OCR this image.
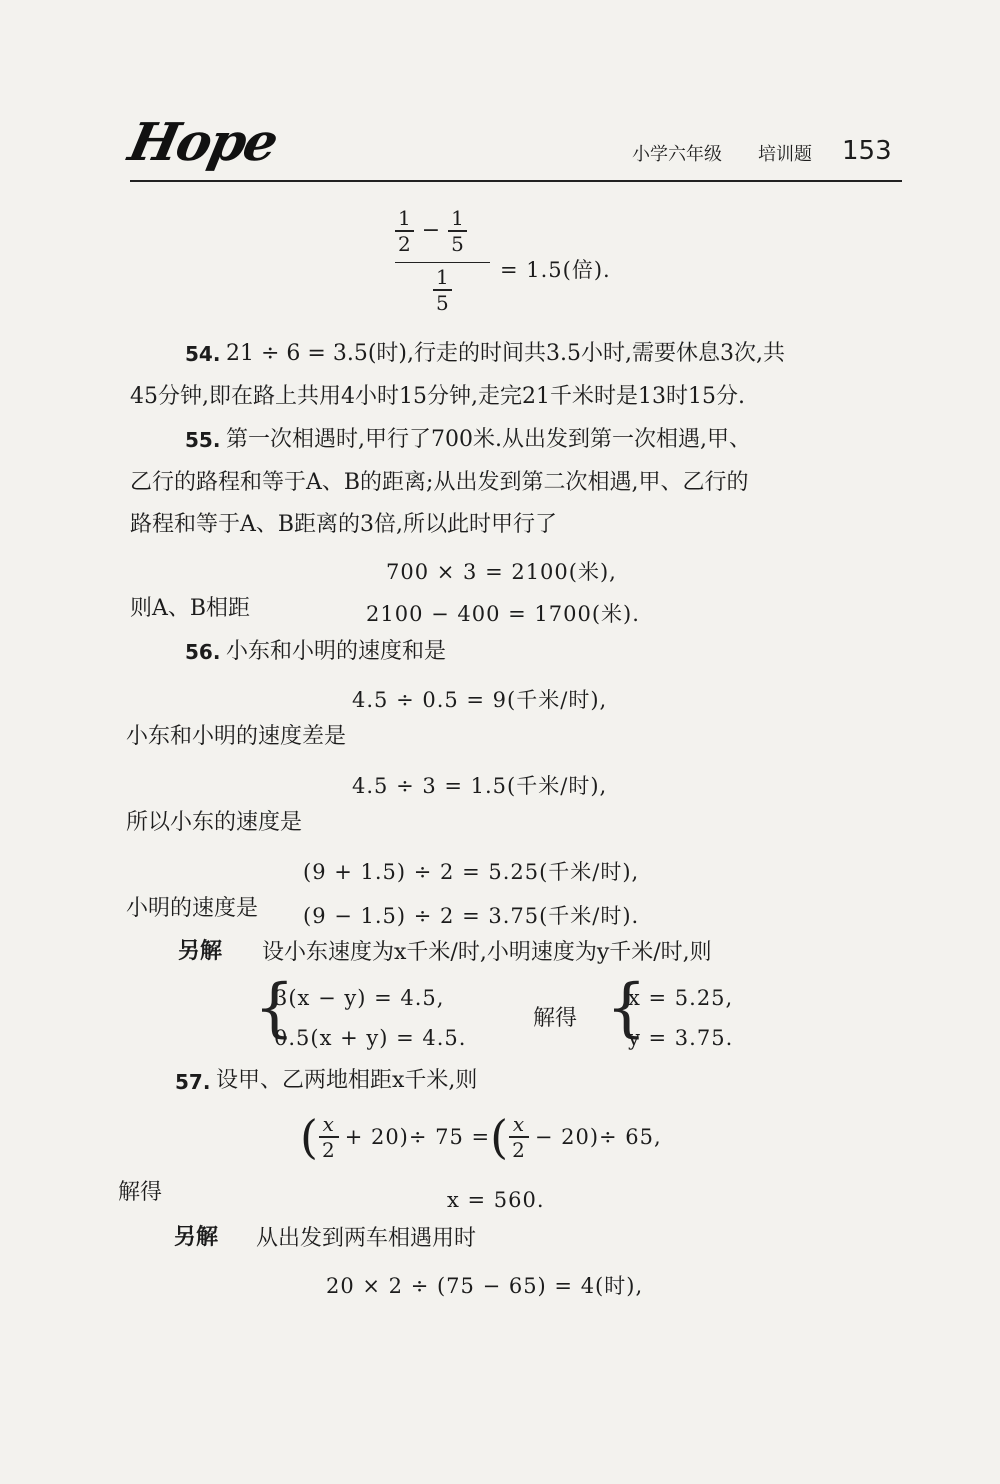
Hope	小学六年级 培训题 153
$\frac{1}{2} - \frac{1}{5}$
$\frac{1}{5} = 1.5$(倍).
54. 21 ÷ 6 = 3.5(时),行走的时间共3.5小时,需要休息3次,共
45分钟,即在路上共用4小时15分钟,走完21千米时是13时15分.
55. 第一次相遇时,甲行了700米.从出发到第一次相遇,甲、
乙行的路程和等于A、B的距离;从出发到第二次相遇,甲、乙行的
路程和等于A、B距离的3倍,所以此时甲行了
700 × 3 = 2100(米),
则A、B相距	2100 − 400 = 1700(米).
56. 小东和小明的速度和是
4.5 ÷ 0.5 = 9(千米/时),
小东和小明的速度差是
4.5 ÷ 3 = 1.5(千米/时),
所以小东的速度是
(9 + 1.5) ÷ 2 = 5.25(千米/时),
小明的速度是 (9 − 1.5) ÷ 2 = 3.75(千米/时).
另解 设小东速度为x千米/时,小明速度为y千米/时,则
{
3(x − y) = 4.5,
0.5(x + y) = 4.5.
解得 {
x = 5.25,
y = 3.75.
57. 设甲、乙两地相距x千米,则
( $\frac{x}{2} + 20)\div 75$ = ( $\frac{x}{2} - 20)\div 65$,
解得	x = 560.
另解 从出发到两车相遇用时
20 × 2 ÷ (75 − 65) = 4(时),
